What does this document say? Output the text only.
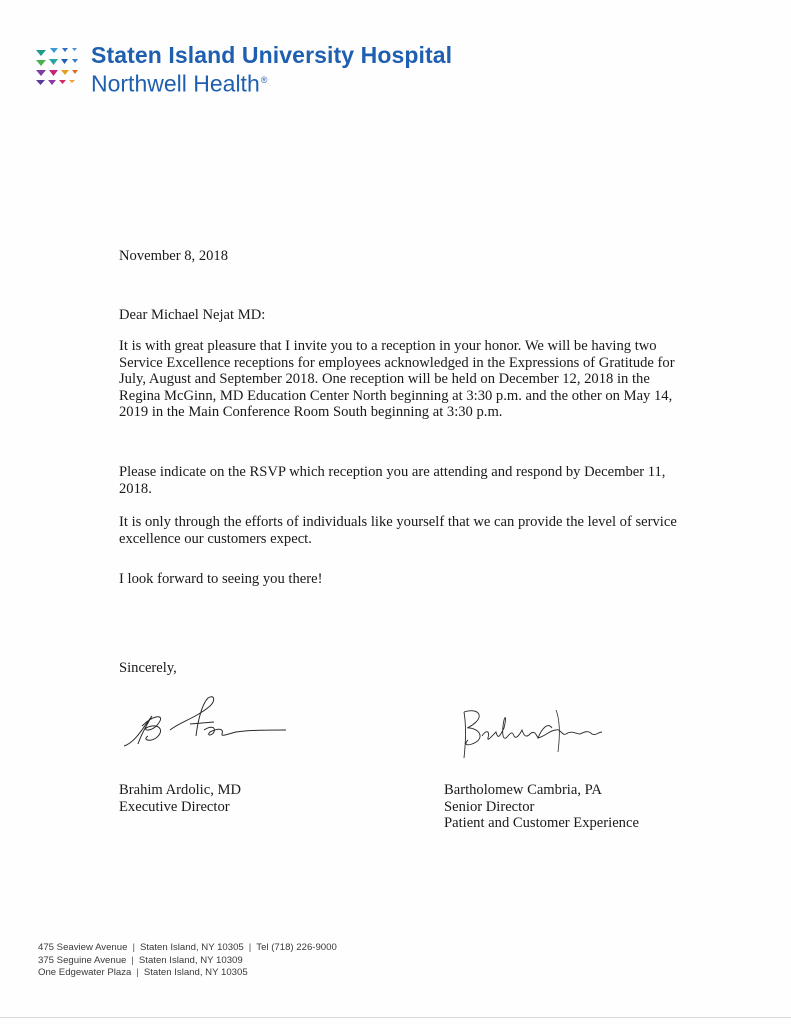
Staten Island University Hospital
Northwell Health®
November 8, 2018
Dear Michael Nejat MD:
It is with great pleasure that I invite you to a reception in your honor. We will be having two Service Excellence receptions for employees acknowledged in the Expressions of Gratitude for July, August and September 2018. One reception will be held on December 12, 2018 in the Regina McGinn, MD Education Center North beginning at 3:30 p.m. and the other on May 14, 2019 in the Main Conference Room South beginning at 3:30 p.m.
Please indicate on the RSVP which reception you are attending and respond by December 11, 2018.
It is only through the efforts of individuals like yourself that we can provide the level of service excellence our customers expect.
I look forward to seeing you there!
Sincerely,
Brahim Ardolic, MD
Executive Director
Bartholomew Cambria, PA
Senior Director
Patient and Customer Experience
475 Seaview Avenue | Staten Island, NY 10305 | Tel (718) 226-9000
375 Seguine Avenue | Staten Island, NY 10309
One Edgewater Plaza | Staten Island, NY 10305
